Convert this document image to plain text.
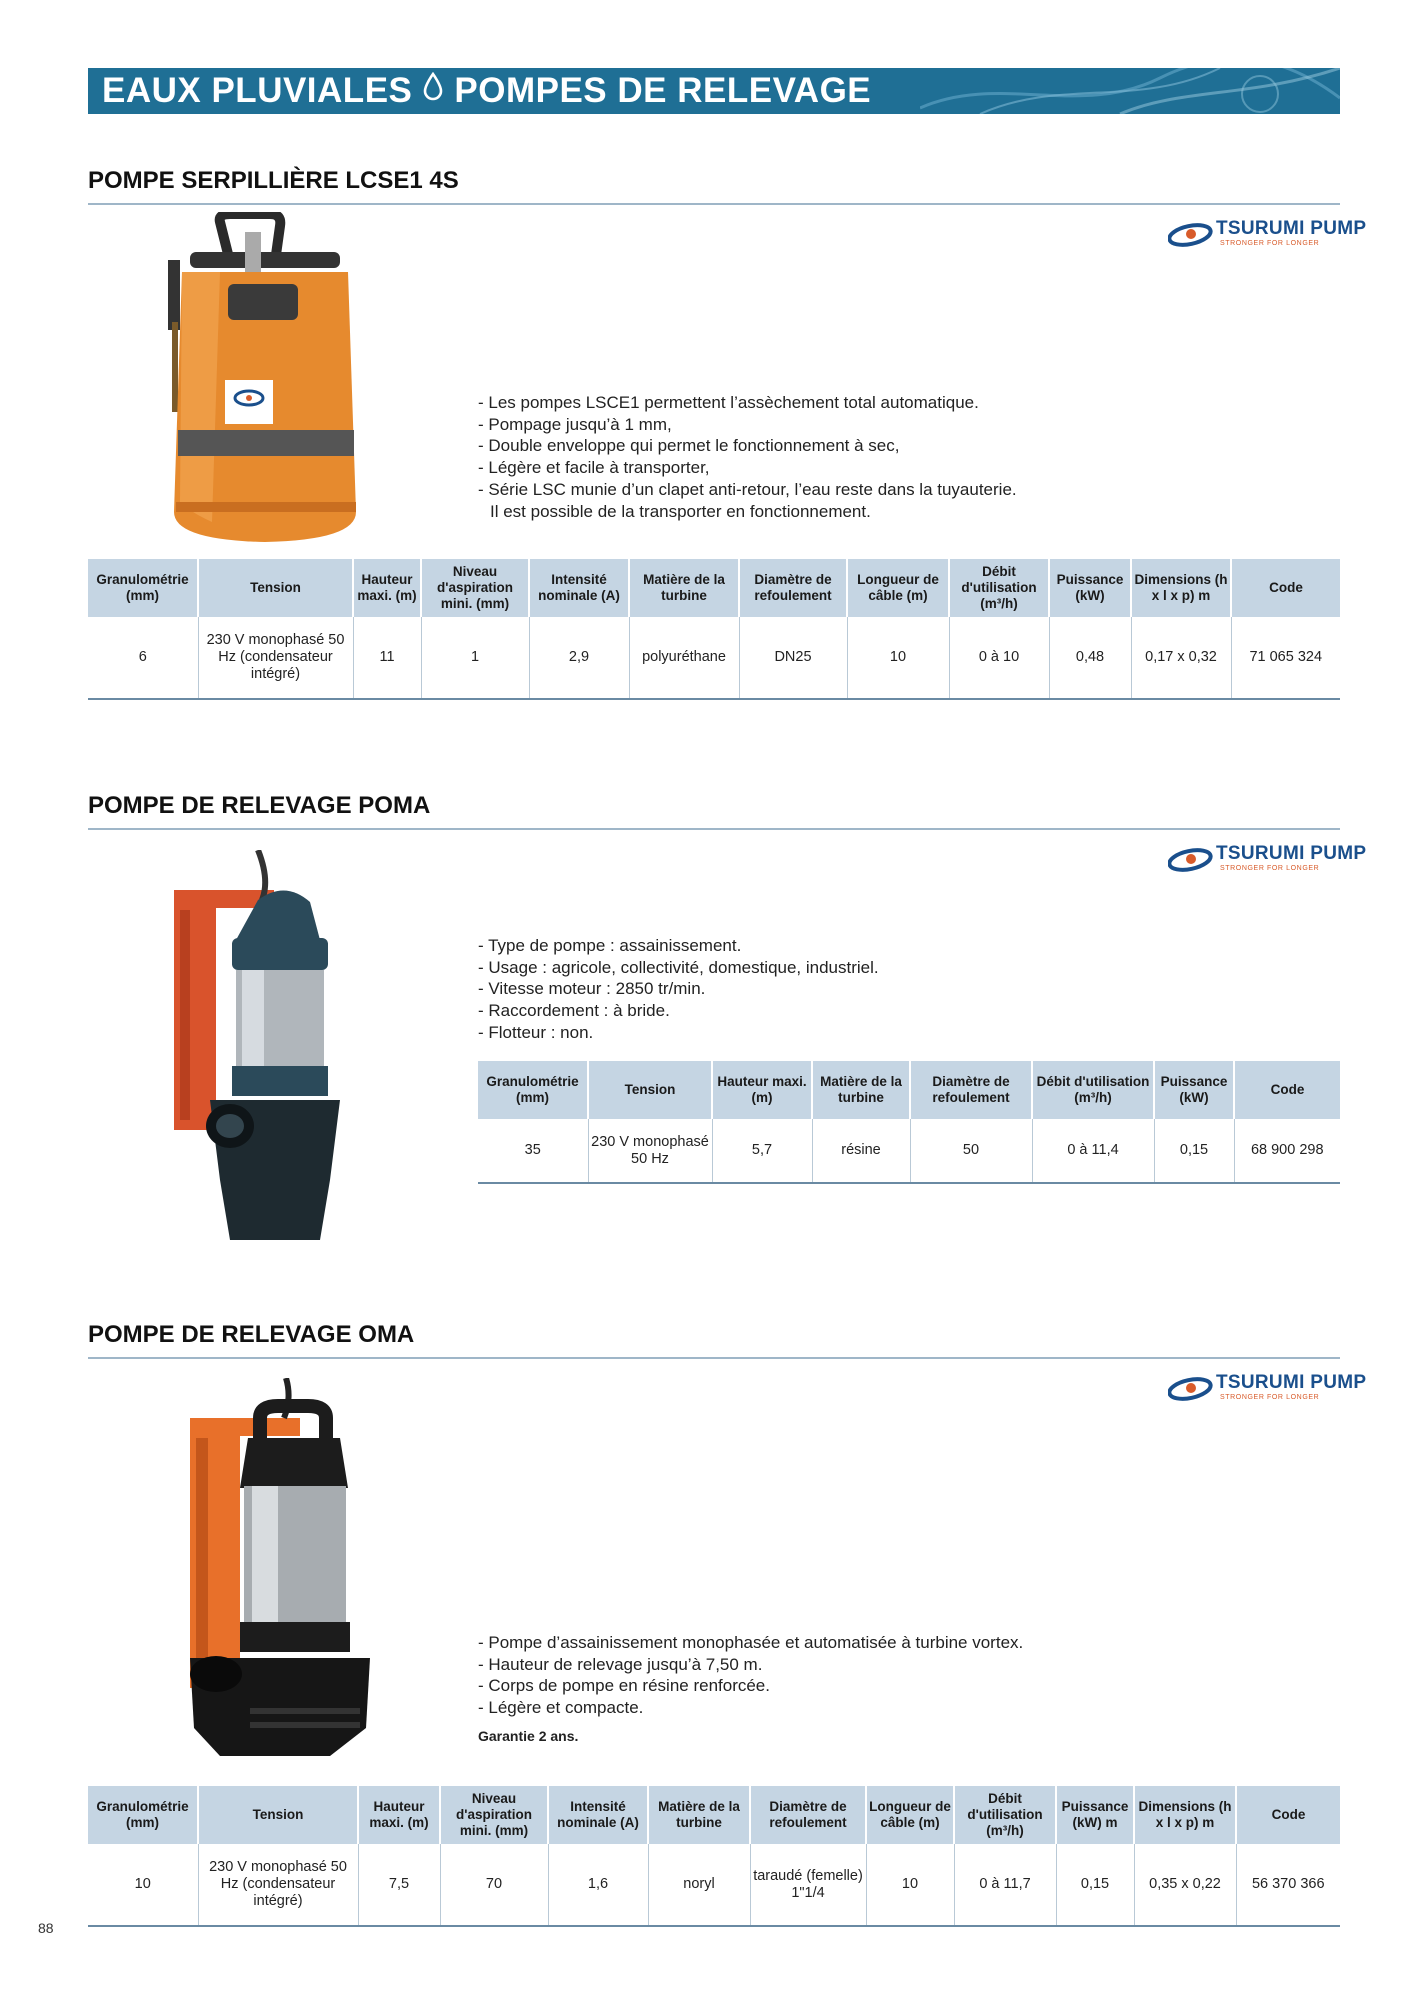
EAUX PLUVIALES POMPES DE RELEVAGE
POMPE SERPILLIÈRE LCSE1 4S
TSURUMI PUMP
STRONGER FOR LONGER
- Les pompes LSCE1 permettent l’assèchement total automatique.
- Pompage jusqu’à 1 mm,
- Double enveloppe qui permet le fonctionnement à sec,
- Légère et facile à transporter,
- Série LSC munie d’un clapet anti-retour, l’eau reste dans la tuyauterie.
Il est possible de la transporter en fonctionnement.
Granulométrie (mm)	Tension	Hauteur maxi. (m)	Niveau d'aspiration mini. (mm)	Intensité nominale (A)	Matière de la turbine	Diamètre de refoulement	Longueur de câble (m)	Débit d'utilisation (m³/h)	Puissance (kW)	Dimensions (h x l x p) m	Code
6	230 V monophasé 50 Hz (condensateur intégré)	11	1	2,9	polyuréthane	DN25	10	0 à 10	0,48	0,17 x 0,32	71 065 324
POMPE DE RELEVAGE POMA
TSURUMI PUMP
STRONGER FOR LONGER
- Type de pompe : assainissement.
- Usage : agricole, collectivité, domestique, industriel.
- Vitesse moteur : 2850 tr/min.
- Raccordement : à bride.
- Flotteur : non.
Granulométrie (mm)	Tension	Hauteur maxi. (m)	Matière de la turbine	Diamètre de refoulement	Débit d'utilisation (m³/h)	Puissance (kW)	Code
35	230 V monophasé 50 Hz	5,7	résine	50	0 à 11,4	0,15	68 900 298
POMPE DE RELEVAGE OMA
TSURUMI PUMP
STRONGER FOR LONGER
- Pompe d’assainissement monophasée et automatisée à turbine vortex.
- Hauteur de relevage jusqu’à 7,50 m.
- Corps de pompe en résine renforcée.
- Légère et compacte.
Garantie 2 ans.
Granulométrie (mm)	Tension	Hauteur maxi. (m)	Niveau d'aspiration mini. (mm)	Intensité nominale (A)	Matière de la turbine	Diamètre de refoulement	Longueur de câble (m)	Débit d'utilisation (m³/h)	Puissance (kW) m	Dimensions (h x l x p) m	Code
10	230 V monophasé 50 Hz (condensateur intégré)	7,5	70	1,6	noryl	taraudé (femelle) 1"1/4	10	0 à 11,7	0,15	0,35 x 0,22	56 370 366
88
